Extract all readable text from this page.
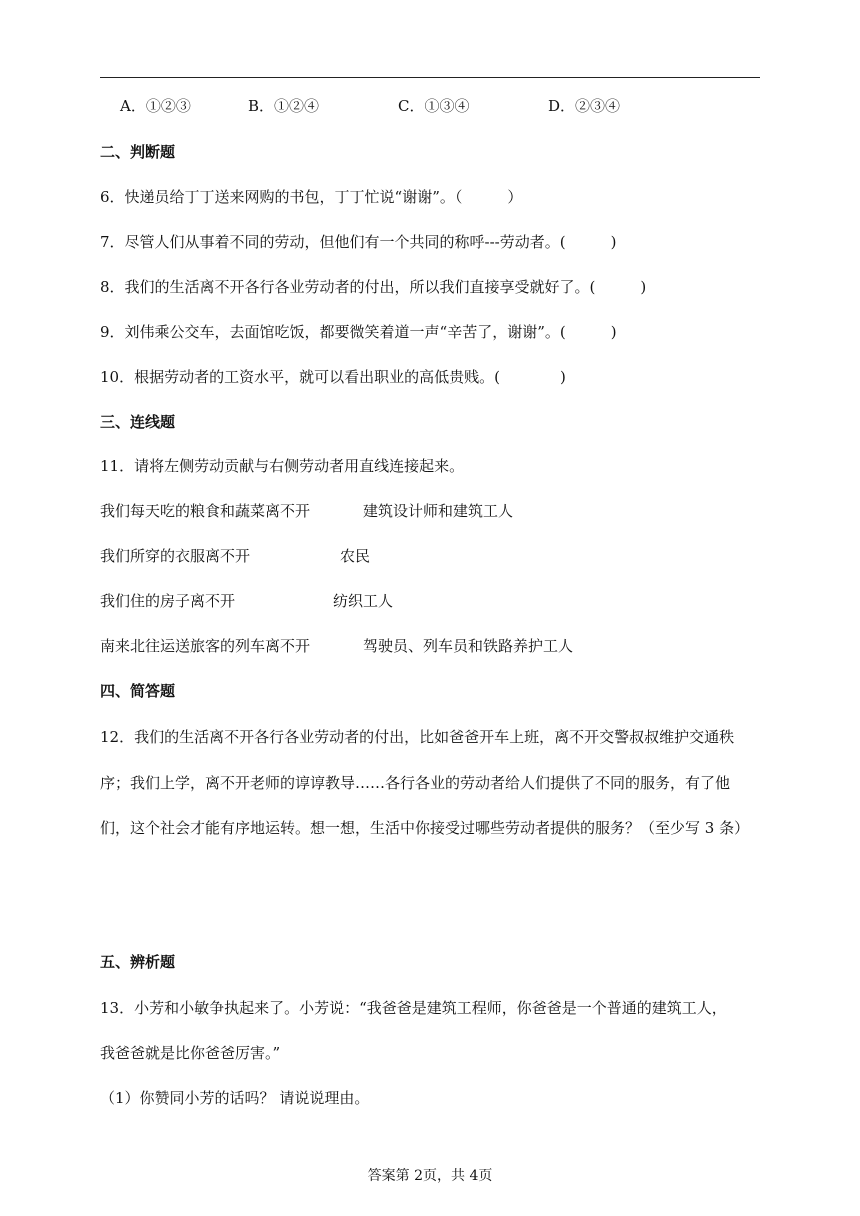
A．①②③	B．①②④	C．①③④	D．②③④
二、判断题
6．快递员给丁丁送来网购的书包，丁丁忙说“谢谢”。（　　　）
7．尽管人们从事着不同的劳动，但他们有一个共同的称呼---劳动者。(　　　)
8．我们的生活离不开各行各业劳动者的付出，所以我们直接享受就好了。(　　　)
9．刘伟乘公交车，去面馆吃饭，都要微笑着道一声“辛苦了，谢谢”。(　　　)
10．根据劳动者的工资水平，就可以看出职业的高低贵贱。(　　　　)
三、连线题
11．请将左侧劳动贡献与右侧劳动者用直线连接起来。
我们每天吃的粮食和蔬菜离不开	建筑设计师和建筑工人
我们所穿的衣服离不开	农民
我们住的房子离不开	纺织工人
南来北往运送旅客的列车离不开	驾驶员、列车员和铁路养护工人
四、简答题
12．我们的生活离不开各行各业劳动者的付出，比如爸爸开车上班，离不开交警叔叔维护交通秩
序；我们上学，离不开老师的谆谆教导……各行各业的劳动者给人们提供了不同的服务，有了他
们，这个社会才能有序地运转。想一想，生活中你接受过哪些劳动者提供的服务？（至少写 3 条）
五、辨析题
13．小芳和小敏争执起来了。小芳说：“我爸爸是建筑工程师，你爸爸是一个普通的建筑工人，
我爸爸就是比你爸爸厉害。”
（1）你赞同小芳的话吗？ 请说说理由。
答案第 2页，共 4页
